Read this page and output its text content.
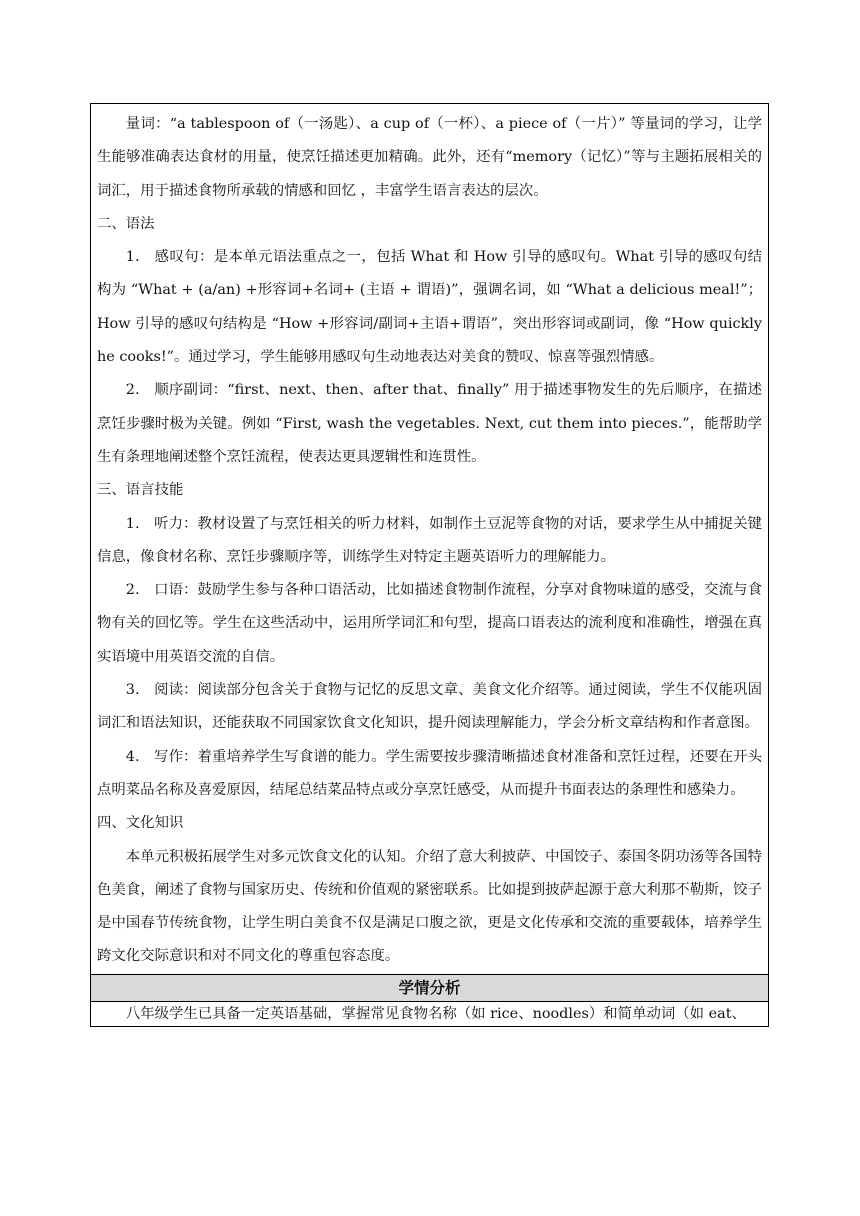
量词：“a tablespoon of（一汤匙）、a cup of（一杯）、a piece of（一片）” 等量词的学习，让学生能够准确表达食材的用量，使烹饪描述更加精确。此外，还有“memory（记忆）”等与主题拓展相关的词汇，用于描述食物所承载的情感和回忆 ，丰富学生语言表达的层次。

二、语法

1.　感叹句：是本单元语法重点之一，包括 What 和 How 引导的感叹句。What 引导的感叹句结构为 “What + (a/an) +形容词+名词+ (主语 + 谓语)”，强调名词，如 “What a delicious meal!”；How 引导的感叹句结构是 “How +形容词/副词+主语+谓语”，突出形容词或副词，像 “How quickly he cooks!”。通过学习，学生能够用感叹句生动地表达对美食的赞叹、惊喜等强烈情感。

2.　顺序副词：“first、next、then、after that、finally” 用于描述事物发生的先后顺序，在描述烹饪步骤时极为关键。例如 “First, wash the vegetables. Next, cut them into pieces.”，能帮助学生有条理地阐述整个烹饪流程，使表达更具逻辑性和连贯性。

三、语言技能

1.　听力：教材设置了与烹饪相关的听力材料，如制作土豆泥等食物的对话，要求学生从中捕捉关键信息，像食材名称、烹饪步骤顺序等，训练学生对特定主题英语听力的理解能力。

2.　口语：鼓励学生参与各种口语活动，比如描述食物制作流程，分享对食物味道的感受，交流与食物有关的回忆等。学生在这些活动中，运用所学词汇和句型，提高口语表达的流利度和准确性，增强在真实语境中用英语交流的自信。

3.　阅读：阅读部分包含关于食物与记忆的反思文章、美食文化介绍等。通过阅读，学生不仅能巩固词汇和语法知识，还能获取不同国家饮食文化知识，提升阅读理解能力，学会分析文章结构和作者意图。

4.　写作：着重培养学生写食谱的能力。学生需要按步骤清晰描述食材准备和烹饪过程，还要在开头点明菜品名称及喜爱原因，结尾总结菜品特点或分享烹饪感受，从而提升书面表达的条理性和感染力。

四、文化知识

本单元积极拓展学生对多元饮食文化的认知。介绍了意大利披萨、中国饺子、泰国冬阴功汤等各国特色美食，阐述了食物与国家历史、传统和价值观的紧密联系。比如提到披萨起源于意大利那不勒斯，饺子是中国春节传统食物，让学生明白美食不仅是满足口腹之欲，更是文化传承和交流的重要载体，培养学生跨文化交际意识和对不同文化的尊重包容态度。

学情分析
八年级学生已具备一定英语基础，掌握常见食物名称（如 rice、noodles）和简单动词（如 eat、
